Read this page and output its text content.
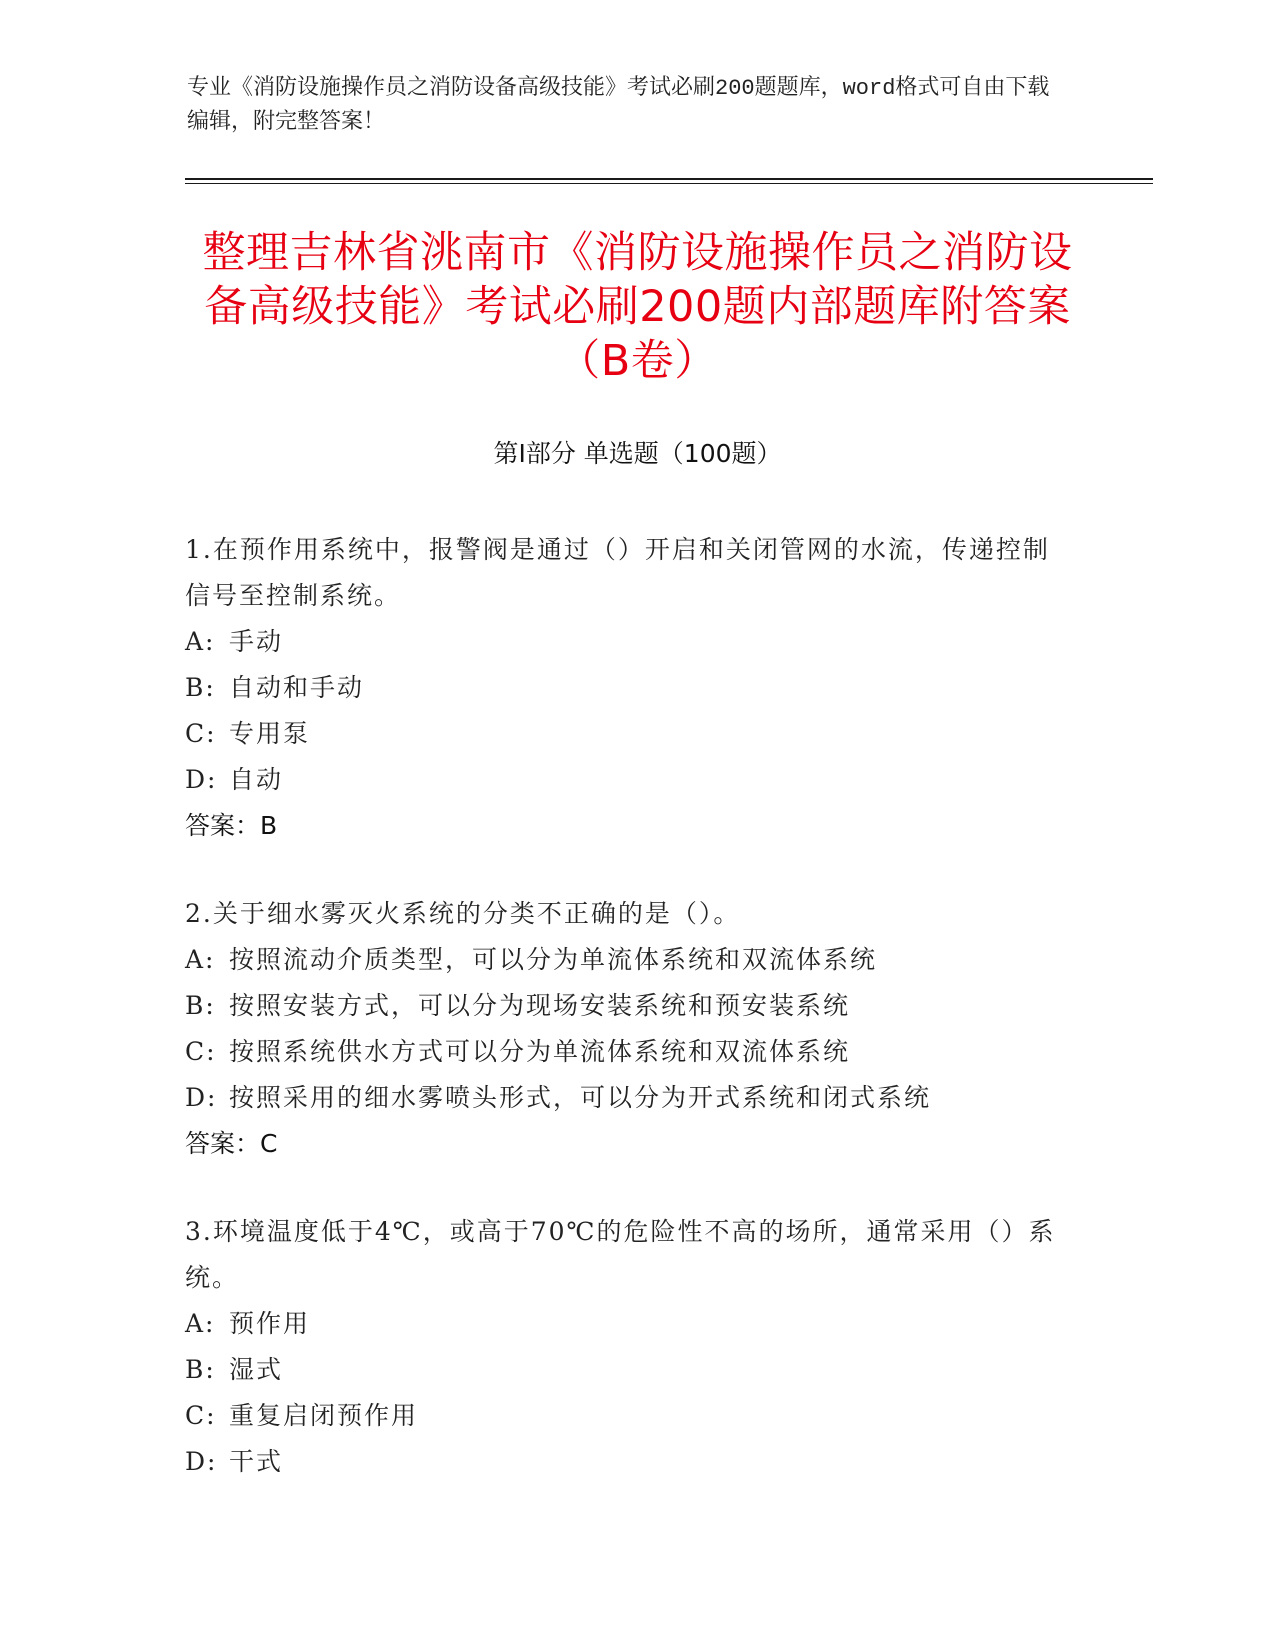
专业《消防设施操作员之消防设备高级技能》考试必刷200题题库，word格式可自由下载编辑，附完整答案！
整理吉林省洮南市《消防设施操作员之消防设备高级技能》考试必刷200题内部题库附答案（B卷）
第Ⅰ部分 单选题（100题）
1.在预作用系统中，报警阀是通过（）开启和关闭管网的水流，传递控制信号至控制系统。
A: 手动
B: 自动和手动
C: 专用泵
D: 自动
答案：B
2.关于细水雾灭火系统的分类不正确的是（）。
A: 按照流动介质类型，可以分为单流体系统和双流体系统
B: 按照安装方式，可以分为现场安装系统和预安装系统
C: 按照系统供水方式可以分为单流体系统和双流体系统
D: 按照采用的细水雾喷头形式，可以分为开式系统和闭式系统
答案：C
3.环境温度低于4℃，或高于70℃的危险性不高的场所，通常采用（）系统。
A: 预作用
B: 湿式
C: 重复启闭预作用
D: 干式
